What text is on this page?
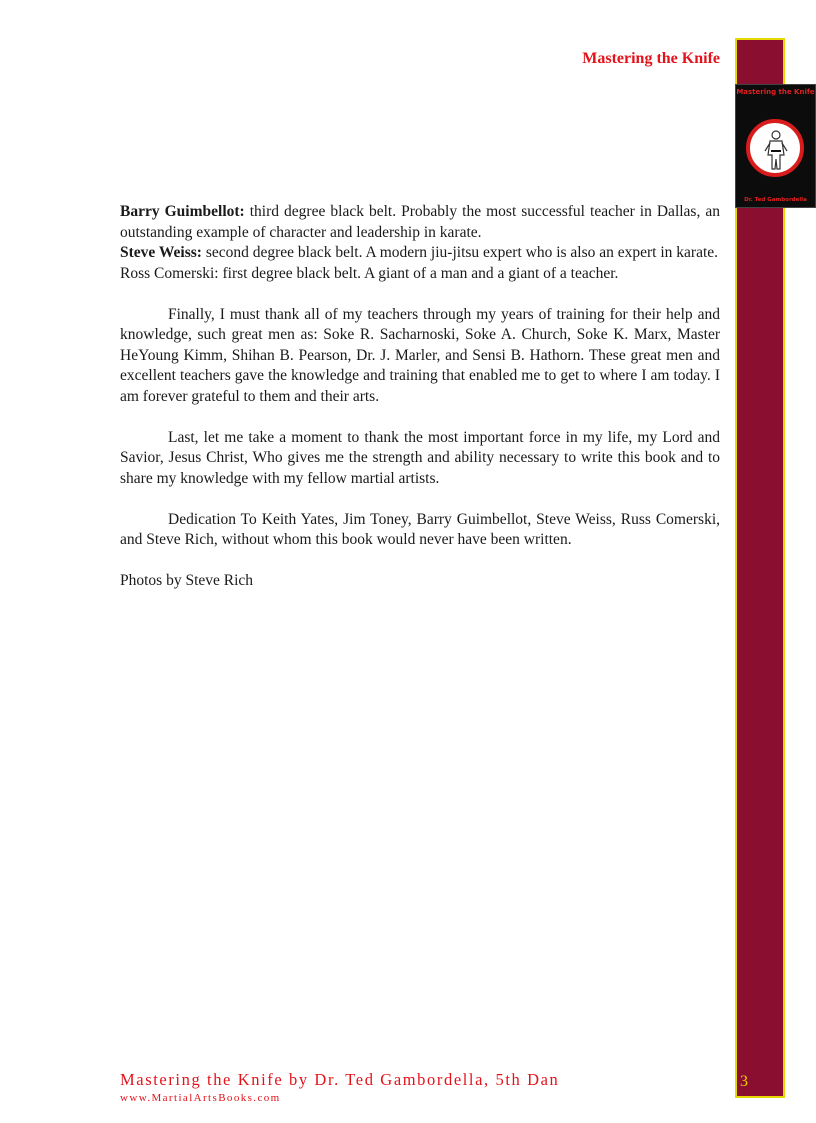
Mastering the Knife
Mastering the Knife
Dr. Ted Gambordella
3

Barry Guimbellot: third degree black belt. Probably the most successful teacher in Dallas, an outstanding example of character and leadership in karate.

Steve Weiss: second degree black belt. A modern jiu-jitsu expert who is also an expert in karate.

Ross Comerski: first degree black belt. A giant of a man and a giant of a teacher.

Finally, I must thank all of my teachers through my years of training for their help and knowledge, such great men as: Soke R. Sacharnoski, Soke A. Church, Soke K. Marx, Master HeYoung Kimm, Shihan B. Pearson, Dr. J. Marler, and Sensi B. Hathorn. These great men and excellent teachers gave the knowledge and training that enabled me to get to where I am today. I am forever grateful to them and their arts.

Last, let me take a moment to thank the most important force in my life, my Lord and Savior, Jesus Christ, Who gives me the strength and ability necessary to write this book and to share my knowledge with my fellow martial artists.

Dedication To Keith Yates, Jim Toney, Barry Guimbellot, Steve Weiss, Russ Comerski, and Steve Rich, without whom this book would never have been written.

Photos by Steve Rich

Mastering the Knife by Dr. Ted Gambordella, 5th Dan
www.MartialArtsBooks.com
